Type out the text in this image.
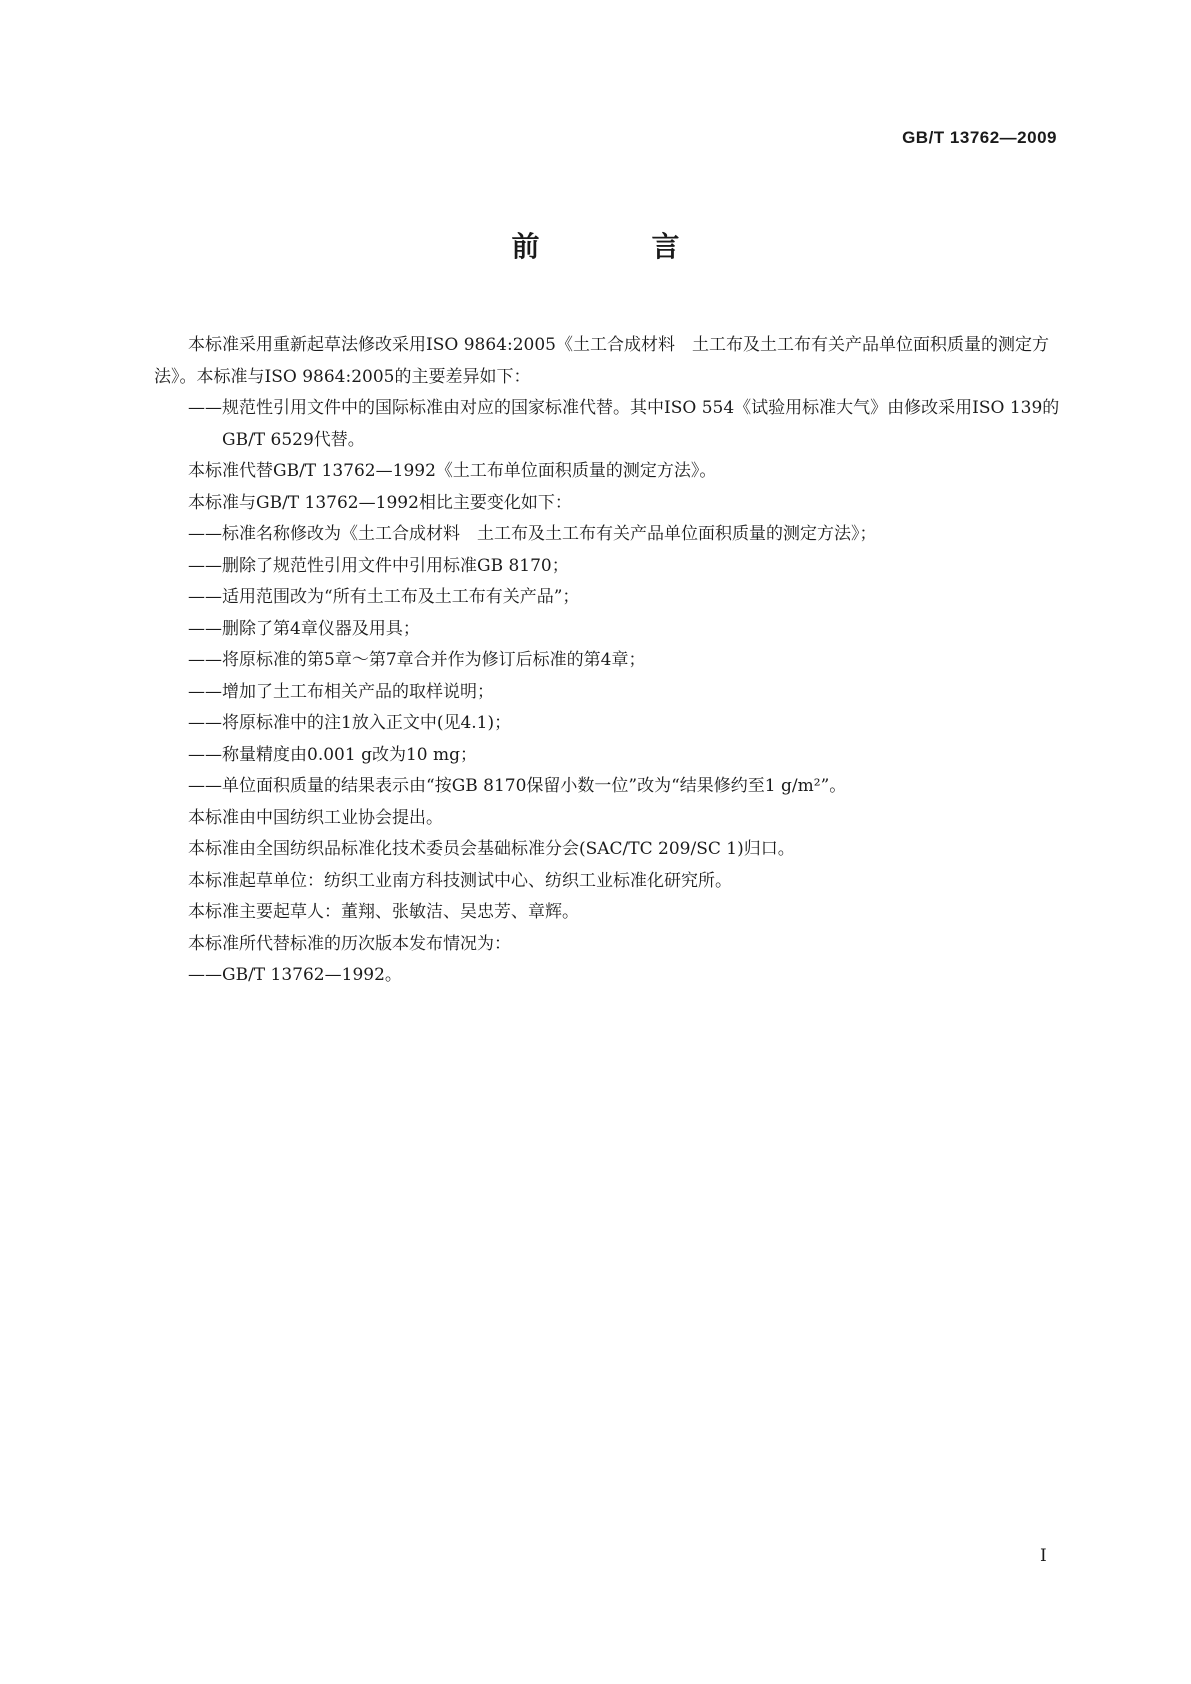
GB/T 13762—2009
前　言

本标准采用重新起草法修改采用ISO 9864:2005《土工合成材料　土工布及土工布有关产品单位面积质量的测定方法》。本标准与ISO 9864:2005的主要差异如下：

——规范性引用文件中的国际标准由对应的国家标准代替。其中ISO 554《试验用标准大气》由修改采用ISO 139的GB/T 6529代替。

本标准代替GB/T 13762—1992《土工布单位面积质量的测定方法》。

本标准与GB/T 13762—1992相比主要变化如下：

——标准名称修改为《土工合成材料　土工布及土工布有关产品单位面积质量的测定方法》；

——删除了规范性引用文件中引用标准GB 8170；

——适用范围改为“所有土工布及土工布有关产品”；

——删除了第4章仪器及用具；

——将原标准的第5章～第7章合并作为修订后标准的第4章；

——增加了土工布相关产品的取样说明；

——将原标准中的注1放入正文中(见4.1)；

——称量精度由0.001 g改为10 mg；

——单位面积质量的结果表示由“按GB 8170保留小数一位”改为“结果修约至1 g/m²”。

本标准由中国纺织工业协会提出。

本标准由全国纺织品标准化技术委员会基础标准分会(SAC/TC 209/SC 1)归口。

本标准起草单位：纺织工业南方科技测试中心、纺织工业标准化研究所。

本标准主要起草人：董翔、张敏洁、吴忠芳、章辉。

本标准所代替标准的历次版本发布情况为：

——GB/T 13762—1992。

I
